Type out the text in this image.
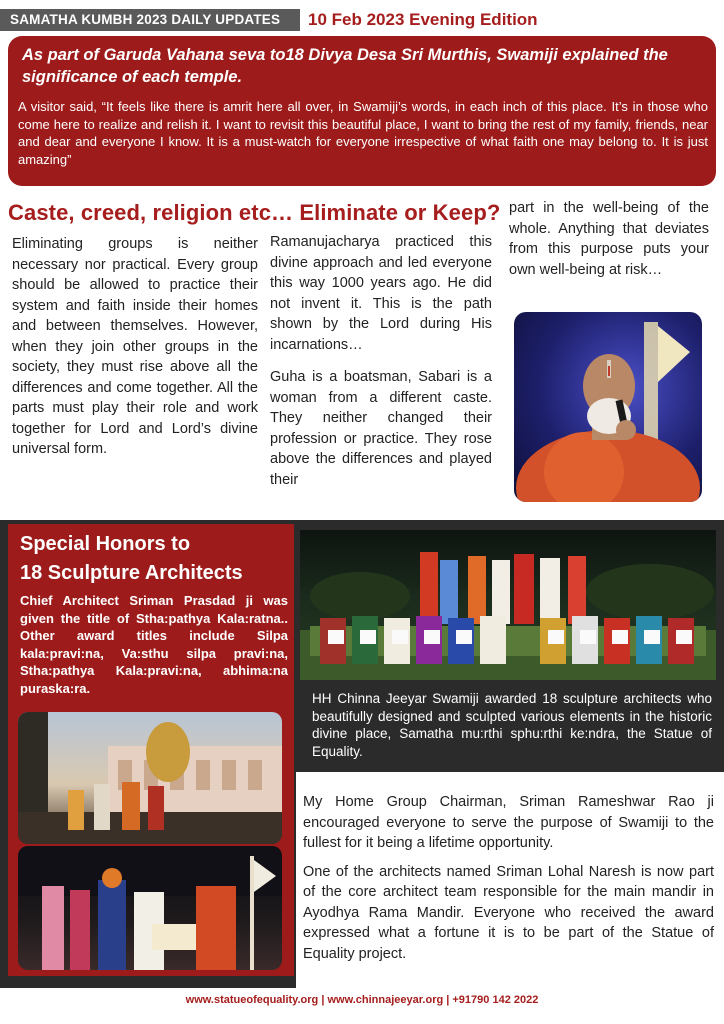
SAMATHA KUMBH 2023 DAILY UPDATES	10 Feb 2023 Evening Edition
As part of Garuda Vahana seva to18 Divya Desa Sri Murthis, Swamiji explained the significance of each temple.
A visitor said, “It feels like there is amrit here all over, in Swamiji’s words, in each inch of this place. It’s in those who come here to realize and relish it. I want to revisit this beautiful place, I want to bring the rest of my family, friends, near and dear and everyone I know. It is a must-watch for everyone irrespective of what faith one may belong to. It is just amazing”
Caste, creed, religion etc… Eliminate or Keep?
Eliminating groups is neither necessary nor practical. Every group should be allowed to practice their system and faith inside their homes and between themselves. However, when they join other groups in the society, they must rise above all the differences and come together. All the parts must play their role and work together for Lord and Lord’s divine universal form.

Ramanujacharya practiced this divine approach and led everyone this way 1000 years ago. He did not invent it. This is the path shown by the Lord during His incarnations…

Guha is a boatsman, Sabari is a woman from a different caste. They neither changed their profession or practice. They rose above the differences and played their

part in the well-being of the whole. Anything that deviates from this purpose puts your own well-being at risk…
Special Honors to
18 Sculpture Architects
Chief Architect Sriman Prasdad ji was given the title of Stha:pathya Kala:ratna.. Other award titles include Silpa kala:pravi:na, Va:sthu silpa pravi:na, Stha:pathya Kala:pravi:na, abhima:na puraska:ra.
HH Chinna Jeeyar Swamiji awarded 18 sculpture architects who beautifully designed and sculpted various elements in the historic divine place, Samatha mu:rthi sphu:rthi ke:ndra, the Statue of Equality.

My Home Group Chairman, Sriman Rameshwar Rao ji encouraged everyone to serve the purpose of Swamiji to the fullest for it being a lifetime opportunity.

One of the architects named Sriman Lohal Naresh is now part of the core architect team responsible for the main mandir in Ayodhya Rama Mandir. Everyone who received the award expressed what a fortune it is to be part of the Statue of Equality project.

www.statueofequality.org | www.chinnajeeyar.org | +91790 142 2022
